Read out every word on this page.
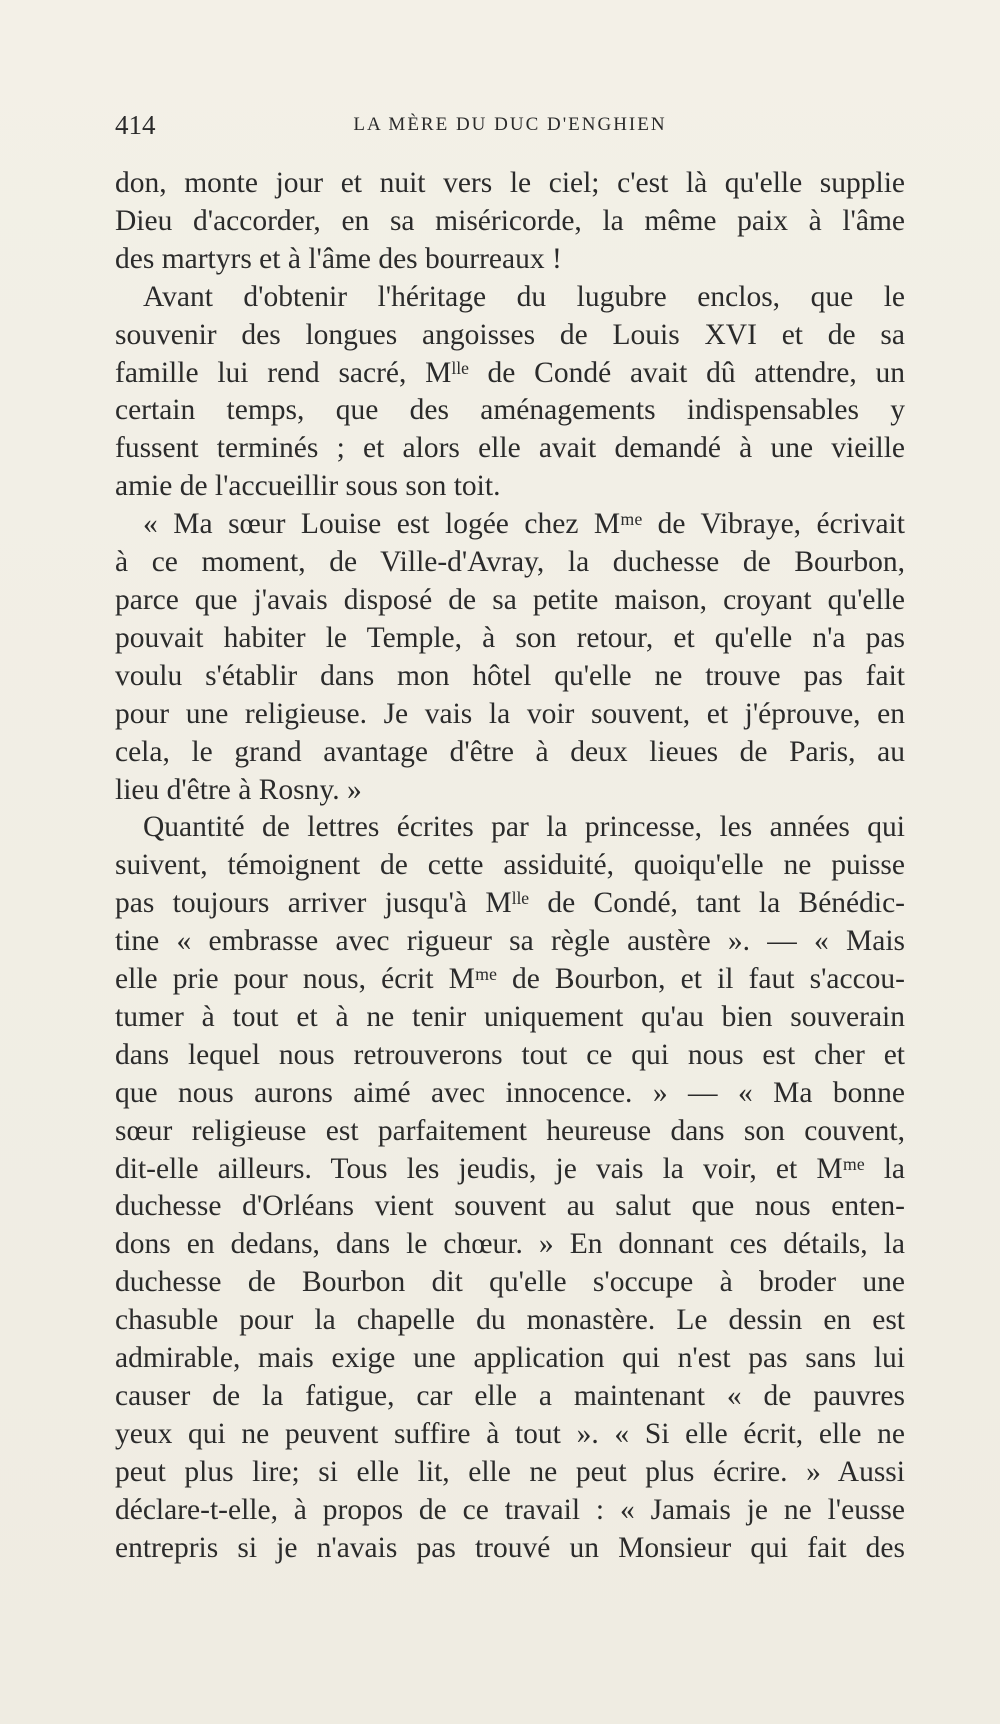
414	LA MÈRE DU DUC D'ENGHIEN

don, monte jour et nuit vers le ciel; c'est là qu'elle supplie
Dieu d'accorder, en sa miséricorde, la même paix à l'âme
des martyrs et à l'âme des bourreaux !

Avant d'obtenir l'héritage du lugubre enclos, que le
souvenir des longues angoisses de Louis XVI et de sa
famille lui rend sacré, Mˡˡᵉ de Condé avait dû attendre, un
certain temps, que des aménagements indispensables y
fussent terminés ; et alors elle avait demandé à une vieille
amie de l'accueillir sous son toit.

« Ma sœur Louise est logée chez Mᵐᵉ de Vibraye, écrivait
à ce moment, de Ville-d'Avray, la duchesse de Bourbon,
parce que j'avais disposé de sa petite maison, croyant qu'elle
pouvait habiter le Temple, à son retour, et qu'elle n'a pas
voulu s'établir dans mon hôtel qu'elle ne trouve pas fait
pour une religieuse. Je vais la voir souvent, et j'éprouve, en
cela, le grand avantage d'être à deux lieues de Paris, au
lieu d'être à Rosny. »

Quantité de lettres écrites par la princesse, les années qui
suivent, témoignent de cette assiduité, quoiqu'elle ne puisse
pas toujours arriver jusqu'à Mˡˡᵉ de Condé, tant la Bénédic-
tine « embrasse avec rigueur sa règle austère ». — « Mais
elle prie pour nous, écrit Mᵐᵉ de Bourbon, et il faut s'accou-
tumer à tout et à ne tenir uniquement qu'au bien souverain
dans lequel nous retrouverons tout ce qui nous est cher et
que nous aurons aimé avec innocence. » — « Ma bonne
sœur religieuse est parfaitement heureuse dans son couvent,
dit-elle ailleurs. Tous les jeudis, je vais la voir, et Mᵐᵉ la
duchesse d'Orléans vient souvent au salut que nous enten-
dons en dedans, dans le chœur. » En donnant ces détails, la
duchesse de Bourbon dit qu'elle s'occupe à broder une
chasuble pour la chapelle du monastère. Le dessin en est
admirable, mais exige une application qui n'est pas sans lui
causer de la fatigue, car elle a maintenant « de pauvres
yeux qui ne peuvent suffire à tout ». « Si elle écrit, elle ne
peut plus lire; si elle lit, elle ne peut plus écrire. » Aussi
déclare-t-elle, à propos de ce travail : « Jamais je ne l'eusse
entrepris si je n'avais pas trouvé un Monsieur qui fait des
